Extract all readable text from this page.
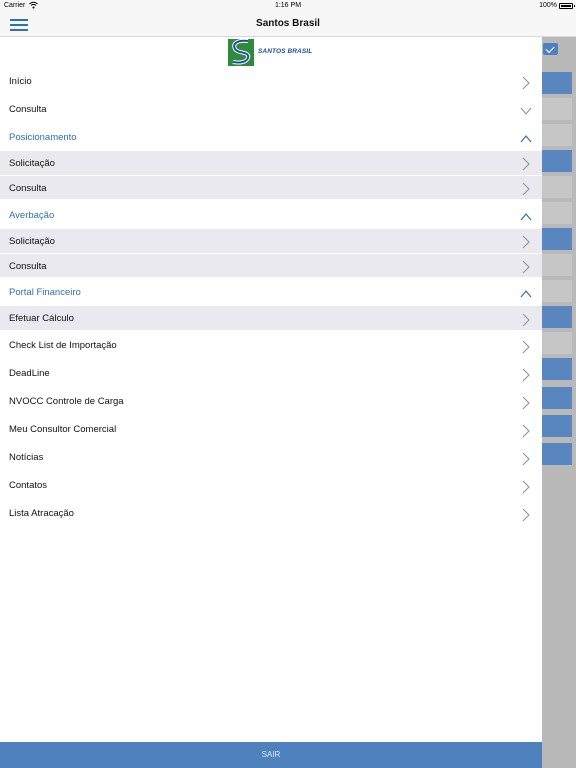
Carrier	1:16 PM	100%
Santos Brasil
SANTOS BRASIL
Início
Consulta
Posicionamento
Solicitação
Consulta
Averbação
Solicitação
Consulta
Portal Financeiro
Efetuar Cálculo
Check List de Importação
DeadLine
NVOCC Controle de Carga
Meu Consultor Comercial
Notícias
Contatos
Lista Atracação
SAIR
